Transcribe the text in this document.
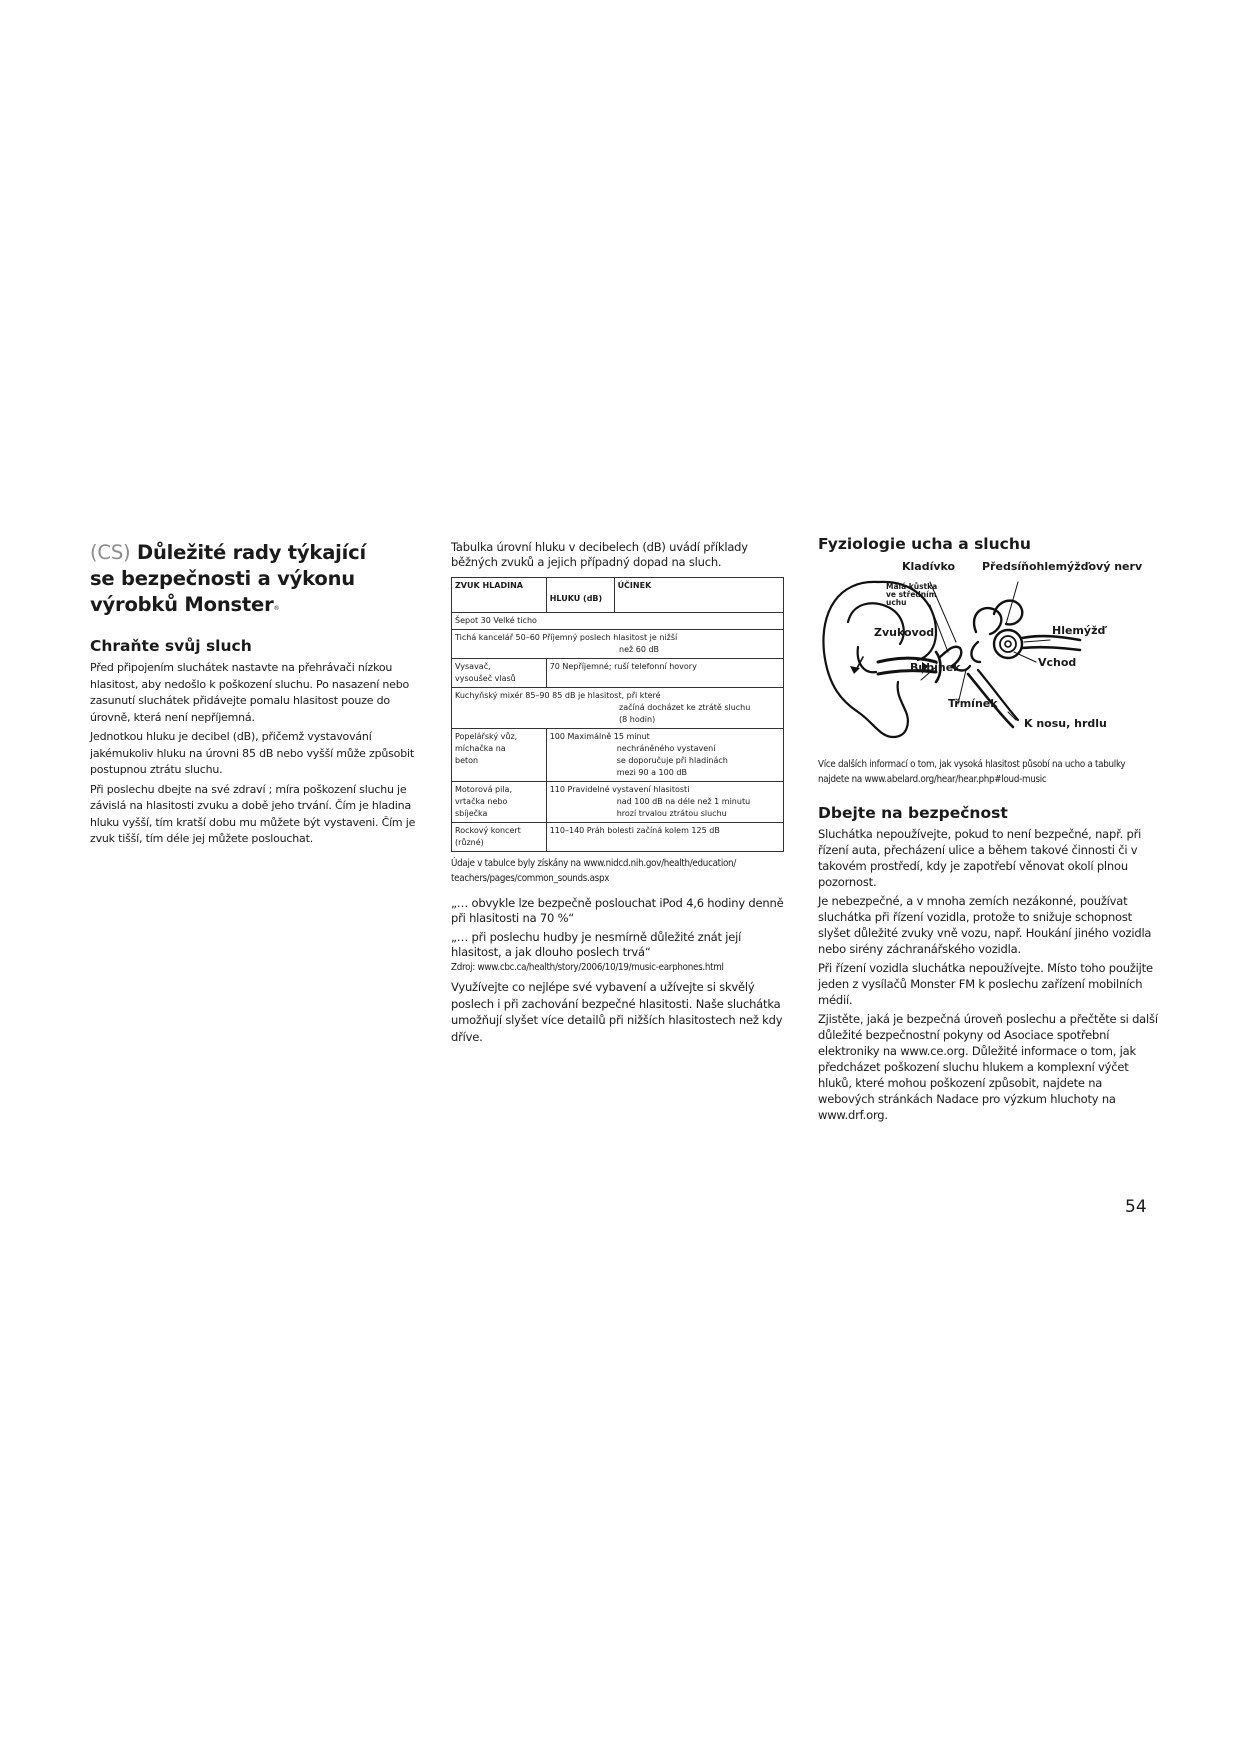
(CS) Důležité rady týkající
se bezpečnosti a výkonu
výrobků Monster®
Chraňte svůj sluch

Před připojením sluchátek nastavte na přehrávači nízkou hlasitost, aby nedošlo k poškození sluchu. Po nasazení nebo zasunutí sluchátek přidávejte pomalu hlasitost pouze do úrovně, která není nepříjemná.

Jednotkou hluku je decibel (dB), přičemž vystavování jakémukoliv hluku na úrovni 85 dB nebo vyšší může způsobit postupnou ztrátu sluchu.

Při poslechu dbejte na své zdraví ; míra poškození sluchu je závislá na hlasitosti zvuku a době jeho trvání. Čím je hladina hluku vyšší, tím kratší dobu mu můžete být vystaveni. Čím je zvuk tišší, tím déle jej můžete poslouchat.

Tabulka úrovní hluku v decibelech (dB) uvádí příklady běžných zvuků a jejich případný dopad na sluch.

ZVUK HLADINA	HLUKU (dB)	ÚČINEK
Šepot 30 Velké ticho		
Tichá kancelář 50–60 Příjemný poslech hlasitost je nižší
než 60 dB		
Vysavač,
vysoušeč vlasů	70 Nepříjemné; ruší telefonní hovory	
Kuchyňský mixér 85–90 85 dB je hlasitost, při které
začíná docházet ke ztrátě sluchu
(8 hodin)		
Popelářský vůz,
míchačka na
beton	100 Maximálně 15 minut
nechráněného vystavení
se doporučuje při hladinách
mezi 90 a 100 dB	
Motorová pila,
vrtačka nebo
sbíječka	110 Pravidelné vystavení hlasitosti
nad 100 dB na déle než 1 minutu
hrozí trvalou ztrátou sluchu	
Rockový koncert
(různé)	110–140 Práh bolesti začíná kolem 125 dB	
Údaje v tabulce byly získány na www.nidcd.nih.gov/health/education/
teachers/pages/common_sounds.aspx

„… obvykle lze bezpečně poslouchat iPod 4,6 hodiny denně při hlasitosti na 70 %“

„… při poslechu hudby je nesmírně důležité znát její hlasitost, a jak dlouho poslech trvá“

Zdroj: www.cbc.ca/health/story/2006/10/19/music-earphones.html

Využívejte co nejlépe své vybavení a užívejte si skvělý poslech i při zachování bezpečné hlasitosti. Naše sluchátka umožňují slyšet více detailů při nižších hlasitostech než kdy dříve.

Fyziologie ucha a sluchu
Kladívko Předsíňohlemýžďový nerv
Malá kůstka
ve středním
uchu
Zvukovod	Hlemýžď
Vchod
Bubínek
Třmínek
K nosu, hrdlu
Více dalších informací o tom, jak vysoká hlasitost působí na ucho a tabulky
najdete na www.abelard.org/hear/hear.php#loud-music
Dbejte na bezpečnost

Sluchátka nepoužívejte, pokud to není bezpečné, např. při řízení auta, přecházení ulice a během takové činnosti či v takovém prostředí, kdy je zapotřebí věnovat okolí plnou pozornost.

Je nebezpečné, a v mnoha zemích nezákonné, používat sluchátka při řízení vozidla, protože to snižuje schopnost slyšet důležité zvuky vně vozu, např. Houkání jiného vozidla nebo sirény záchranářského vozidla.

Při řízení vozidla sluchátka nepoužívejte. Místo toho použijte jeden z vysílačů Monster FM k poslechu zařízení mobilních médií.

Zjistěte, jaká je bezpečná úroveň poslechu a přečtěte si další důležité bezpečnostní pokyny od Asociace spotřební elektroniky na www.ce.org. Důležité informace o tom, jak předcházet poškození sluchu hlukem a komplexní výčet hluků, které mohou poškození způsobit, najdete na webových stránkách Nadace pro výzkum hluchoty na www.drf.org.

54
